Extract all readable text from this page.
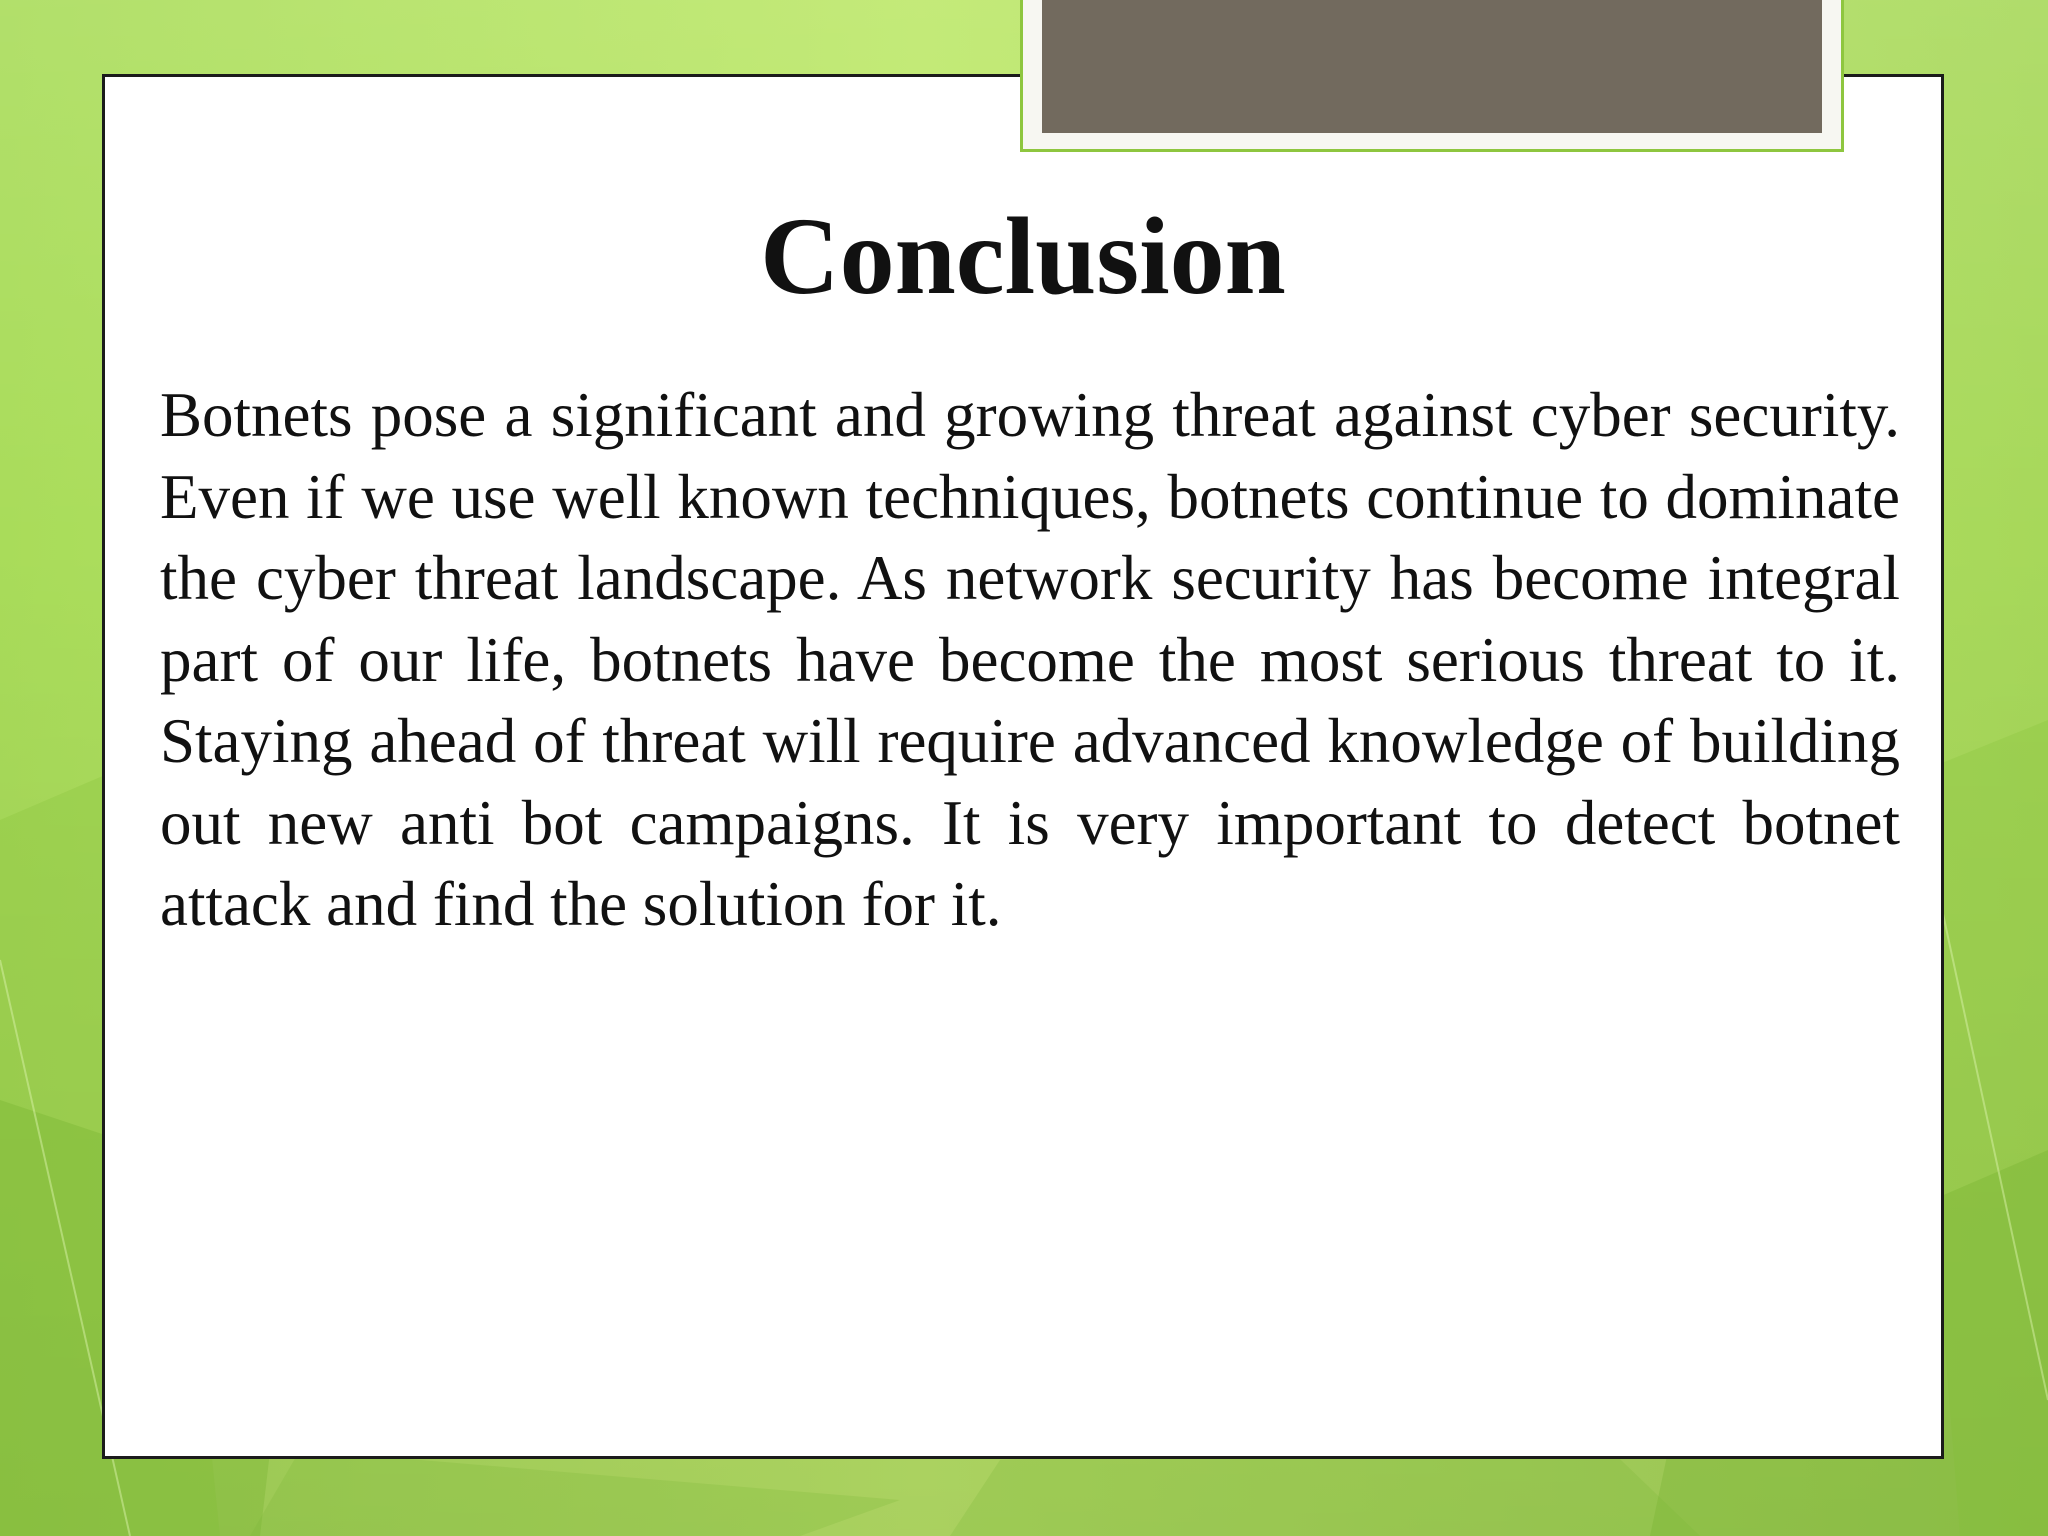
Conclusion

Botnets pose a significant and growing threat against cyber security. Even if we use well known techniques, botnets continue to dominate the cyber threat landscape. As network security has become integral part of our life, botnets have become the most serious threat to it. Staying ahead of threat will require advanced knowledge of building out new anti bot campaigns. It is very important to detect botnet attack and find the solution for it.
